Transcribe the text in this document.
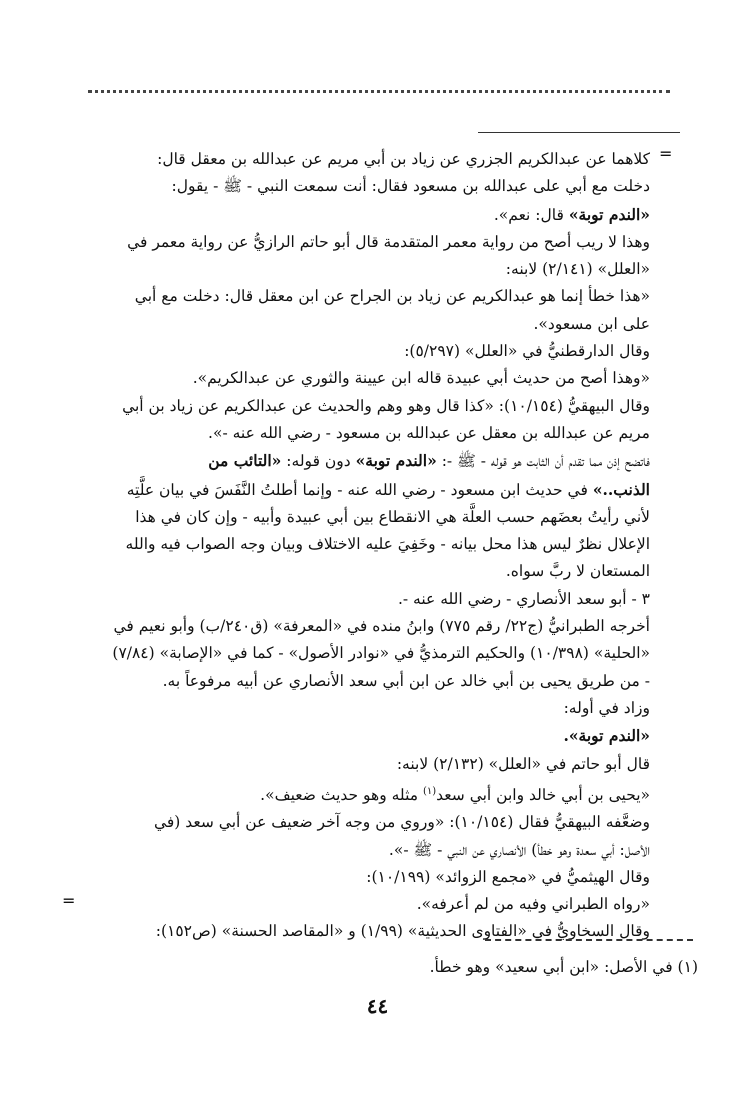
=

كلاهما عن عبدالكريم الجزري عن زياد بن أبي مريم عن عبدالله بن معقل قال:

دخلت مع أبي على عبدالله بن مسعود فقال: أنت سمعت النبي - ﷺ - يقول:

«الندم توبة» قال: نعم».

وهذا لا ريب أصح من رواية معمر المتقدمة قال أبو حاتم الرازيُّ عن رواية معمر في

«العلل» (٢/١٤١) لابنه:

«هذا خطأ إنما هو عبدالكريم عن زياد بن الجراح عن ابن معقل قال: دخلت مع أبي

على ابن مسعود».

وقال الدارقطنيُّ في «العلل» (٥/٢٩٧):

«وهذا أصح من حديث أبي عبيدة قاله ابن عيينة والثوري عن عبدالكريم».

وقال البيهقيُّ (١٠/١٥٤): «كذا قال وهو وهم والحديث عن عبدالكريم عن زياد بن أبي

مريم عن عبدالله بن معقل عن عبدالله بن مسعود - رضي الله عنه -».

فاتضح إذن مما تقدم أن الثابت هو قوله - ﷺ -: «الندم توبة» دون قوله: «التائب من

الذنب..» في حديث ابن مسعود - رضي الله عنه - وإنما أطلتُ النَّفَسَ في بيان علَّتِه

لأني رأيتُ بعضَهم حسب العلَّة هي الانقطاع بين أبي عبيدة وأبيه - وإن كان في هذا

الإعلال نظرٌ ليس هذا محل بيانه - وخَفِيَ عليه الاختلاف وبيان وجه الصواب فيه والله

المستعان لا ربَّ سواه.

٣ - أبو سعد الأنصاري - رضي الله عنه -.

أخرجه الطبرانيُّ (ج٢٢/ رقم ٧٧٥) وابنُ منده في «المعرفة» (ق٢٤٠/ب) وأبو نعيم في

«الحلية» (١٠/٣٩٨) والحكيم الترمذيُّ في «نوادر الأصول» - كما في «الإصابة» (٧/٨٤)

- من طريق يحيى بن أبي خالد عن ابن أبي سعد الأنصاري عن أبيه مرفوعاً به.

وزاد في أوله:

«الندم توبة».

قال أبو حاتم في «العلل» (٢/١٣٢) لابنه:

«يحيى بن أبي خالد وابن أبي سعد$^{(١)}$ مثله وهو حديث ضعيف».

وضعَّفه البيهقيُّ فقال (١٠/١٥٤): «وروي من وجه آخر ضعيف عن أبي سعد (في

الأصل: أبي سعدة وهو خطأ) الأنصاري عن النبي - ﷺ -».

وقال الهيثميُّ في «مجمع الزوائد» (١٠/١٩٩):

«رواه الطبراني وفيه من لم أعرفه».

وقال السخاويُّ في «الفتاوى الحديثية» (١/٩٩) و «المقاصد الحسنة» (ص١٥٢):

=
(١) في الأصل: «ابن أبي سعيد» وهو خطأ.
٤٤
